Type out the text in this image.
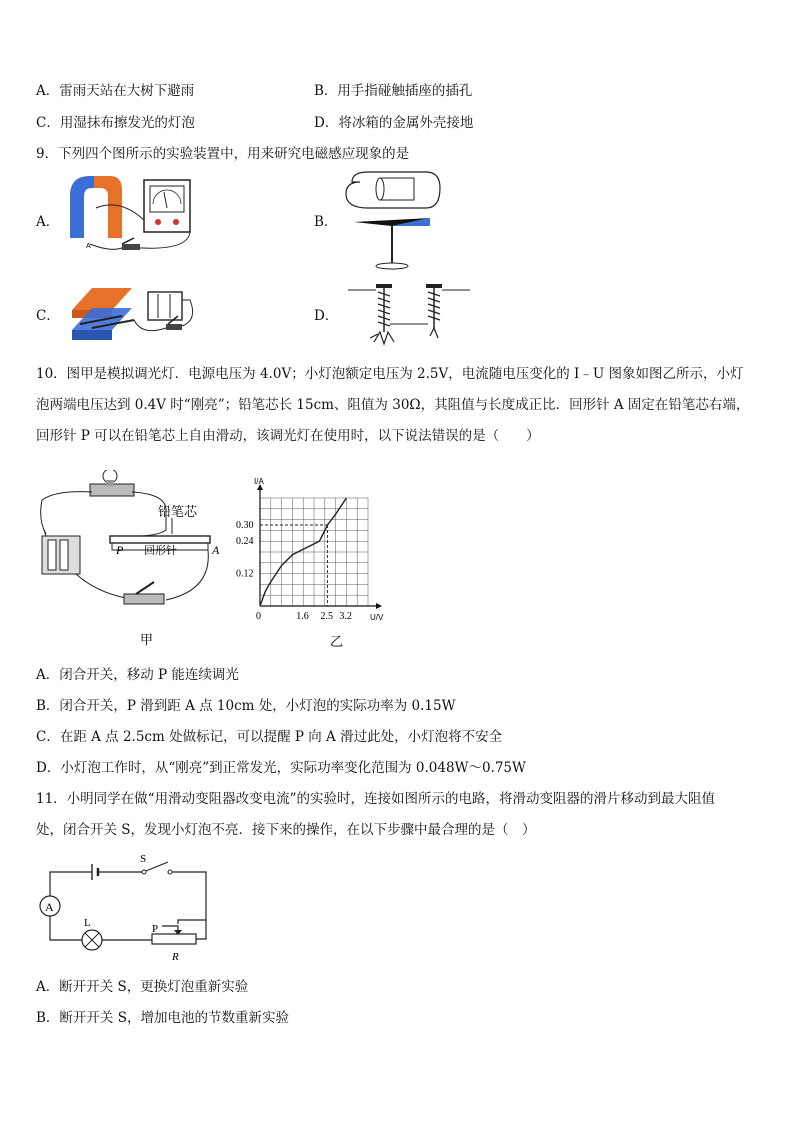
A．雷雨天站在大树下避雨	B．用手指碰触插座的插孔
C．用湿抹布擦发光的灯泡	D．将冰箱的金属外壳接地
9．下列四个图所示的实验装置中，用来研究电磁感应现象的是
A．
A
B．
C．	D．
10．图甲是模拟调光灯．电源电压为 4.0V；小灯泡额定电压为 2.5V，电流随电压变化的 I﹣U 图象如图乙所示，小灯
泡两端电压达到 0.4V 时“刚亮”；铅笔芯长 15cm、阻值为 30Ω，其阻值与长度成正比．回形针 A 固定在铅笔芯右端，
回形针 P 可以在铅笔芯上自由滑动，该调光灯在使用时，以下说法错误的是（　　）
铅笔芯
P 回形针	A
甲
0.12
0.24
0.30
1.6 2.5 3.2
I/A
U/V
0
乙
A．闭合开关，移动 P 能连续调光
B．闭合开关，P 滑到距 A 点 10cm 处，小灯泡的实际功率为 0.15W
C．在距 A 点 2.5cm 处做标记，可以提醒 P 向 A 滑过此处，小灯泡将不安全
D．小灯泡工作时，从“刚亮”到正常发光，实际功率变化范围为 0.048W～0.75W
11．小明同学在做“用滑动变阻器改变电流”的实验时，连接如图所示的电路，将滑动变阻器的滑片移动到最大阻值
处，闭合开关 S，发现小灯泡不亮．接下来的操作，在以下步骤中最合理的是（　）
S
A
L	P
R
A．断开开关 S，更换灯泡重新实验
B．断开开关 S，增加电池的节数重新实验
